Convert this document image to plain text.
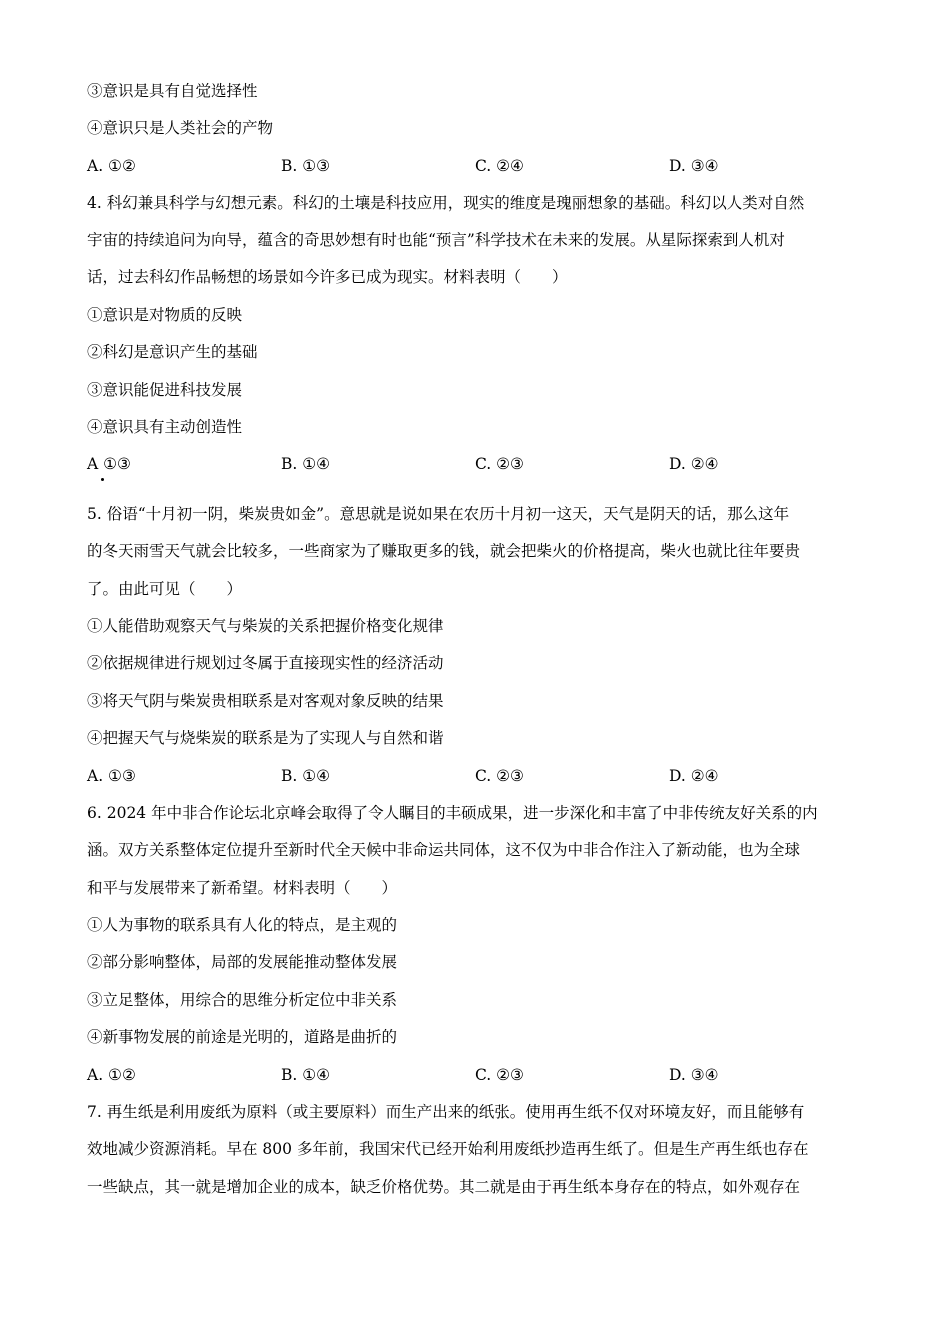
③意识是具有自觉选择性
④意识只是人类社会的产物
A. ①②	B. ①③	C. ②④	D. ③④
4. 科幻兼具科学与幻想元素。科幻的土壤是科技应用，现实的维度是瑰丽想象的基础。科幻以人类对自然
宇宙的持续追问为向导，蕴含的奇思妙想有时也能“预言”科学技术在未来的发展。从星际探索到人机对
话，过去科幻作品畅想的场景如今许多已成为现实。材料表明（　　）
①意识是对物质的反映
②科幻是意识产生的基础
③意识能促进科技发展
④意识具有主动创造性
A ①③	B. ①④	C. ②③	D. ②④
5. 俗语“十月初一阴，柴炭贵如金”。意思就是说如果在农历十月初一这天，天气是阴天的话，那么这年
的冬天雨雪天气就会比较多，一些商家为了赚取更多的钱，就会把柴火的价格提高，柴火也就比往年要贵
了。由此可见（　　）
①人能借助观察天气与柴炭的关系把握价格变化规律
②依据规律进行规划过冬属于直接现实性的经济活动
③将天气阴与柴炭贵相联系是对客观对象反映的结果
④把握天气与烧柴炭的联系是为了实现人与自然和谐
A. ①③	B. ①④	C. ②③	D. ②④
6. 2024 年中非合作论坛北京峰会取得了令人瞩目的丰硕成果，进一步深化和丰富了中非传统友好关系的内
涵。双方关系整体定位提升至新时代全天候中非命运共同体，这不仅为中非合作注入了新动能，也为全球
和平与发展带来了新希望。材料表明（　　）
①人为事物的联系具有人化的特点，是主观的
②部分影响整体，局部的发展能推动整体发展
③立足整体，用综合的思维分析定位中非关系
④新事物发展的前途是光明的，道路是曲折的
A. ①②	B. ①④	C. ②③	D. ③④
7. 再生纸是利用废纸为原料（或主要原料）而生产出来的纸张。使用再生纸不仅对环境友好，而且能够有
效地减少资源消耗。早在 800 多年前，我国宋代已经开始利用废纸抄造再生纸了。但是生产再生纸也存在
一些缺点，其一就是增加企业的成本，缺乏价格优势。其二就是由于再生纸本身存在的特点，如外观存在
